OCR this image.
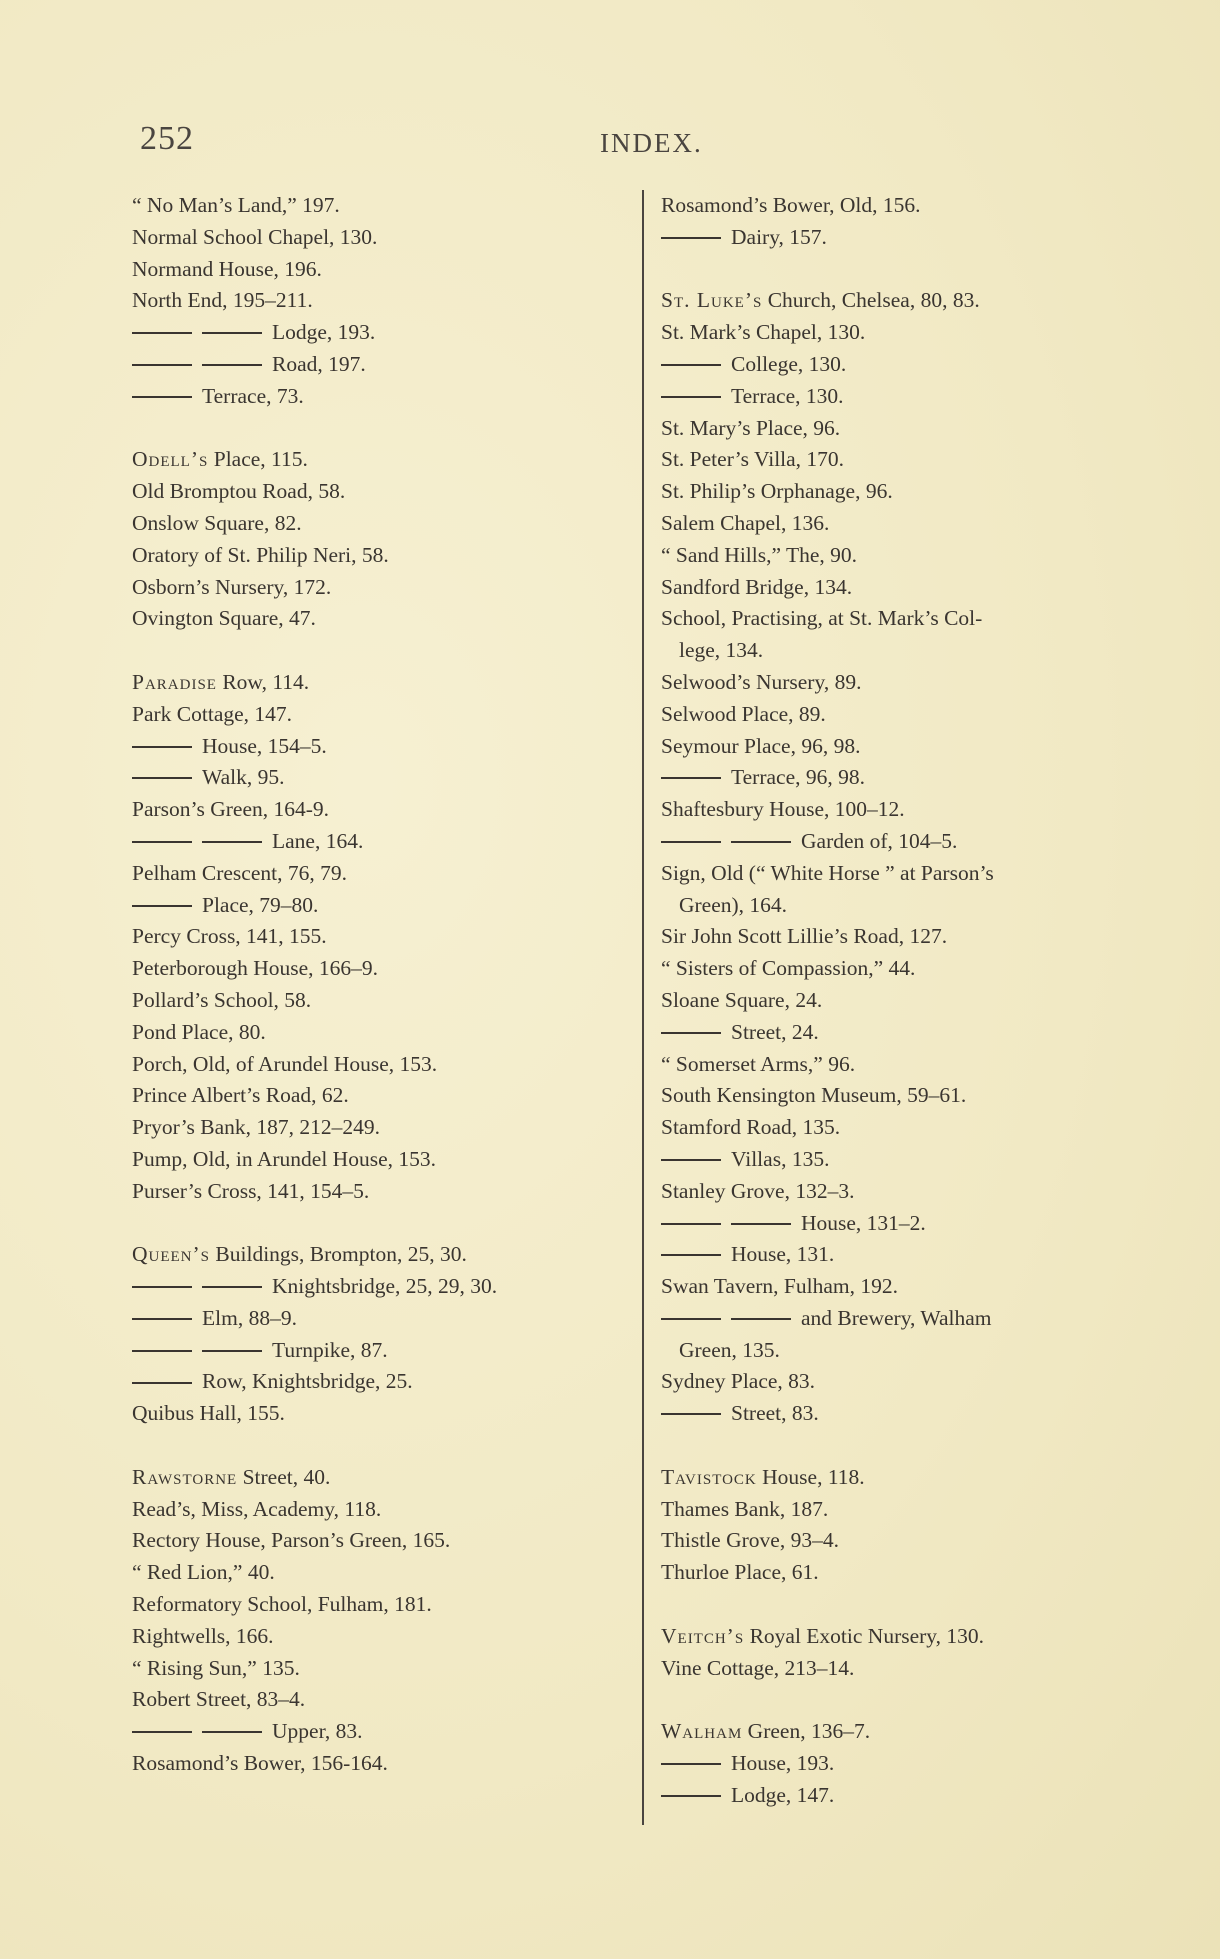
252	INDEX.
“ No Man’s Land,” 197.
Normal School Chapel, 130.
Normand House, 196.
North End, 195–211.
Lodge, 193.
Road, 197.
Terrace, 73.
Odell’s Place, 115.
Old Bromptou Road, 58.
Onslow Square, 82.
Oratory of St. Philip Neri, 58.
Osborn’s Nursery, 172.
Ovington Square, 47.
Paradise Row, 114.
Park Cottage, 147.
House, 154–5.
Walk, 95.
Parson’s Green, 164-9.
Lane, 164.
Pelham Crescent, 76, 79.
Place, 79–80.
Percy Cross, 141, 155.
Peterborough House, 166–9.
Pollard’s School, 58.
Pond Place, 80.
Porch, Old, of Arundel House, 153.
Prince Albert’s Road, 62.
Pryor’s Bank, 187, 212–249.
Pump, Old, in Arundel House, 153.
Purser’s Cross, 141, 154–5.
Queen’s Buildings, Brompton, 25, 30.
Knightsbridge, 25, 29, 30.
Elm, 88–9.
Turnpike, 87.
Row, Knightsbridge, 25.
Quibus Hall, 155.
Rawstorne Street, 40.
Read’s, Miss, Academy, 118.
Rectory House, Parson’s Green, 165.
“ Red Lion,” 40.
Reformatory School, Fulham, 181.
Rightwells, 166.
“ Rising Sun,” 135.
Robert Street, 83–4.
Upper, 83.
Rosamond’s Bower, 156-164.
Rosamond’s Bower, Old, 156.
Dairy, 157.
St. Luke’s Church, Chelsea, 80, 83.
St. Mark’s Chapel, 130.
College, 130.
Terrace, 130.
St. Mary’s Place, 96.
St. Peter’s Villa, 170.
St. Philip’s Orphanage, 96.
Salem Chapel, 136.
“ Sand Hills,” The, 90.
Sandford Bridge, 134.
School, Practising, at St. Mark’s Col-
lege, 134.
Selwood’s Nursery, 89.
Selwood Place, 89.
Seymour Place, 96, 98.
Terrace, 96, 98.
Shaftesbury House, 100–12.
Garden of, 104–5.
Sign, Old (“ White Horse ” at Parson’s
Green), 164.
Sir John Scott Lillie’s Road, 127.
“ Sisters of Compassion,” 44.
Sloane Square, 24.
Street, 24.
“ Somerset Arms,” 96.
South Kensington Museum, 59–61.
Stamford Road, 135.
Villas, 135.
Stanley Grove, 132–3.
House, 131–2.
House, 131.
Swan Tavern, Fulham, 192.
and Brewery, Walham
Green, 135.
Sydney Place, 83.
Street, 83.
Tavistock House, 118.
Thames Bank, 187.
Thistle Grove, 93–4.
Thurloe Place, 61.
Veitch’s Royal Exotic Nursery, 130.
Vine Cottage, 213–14.
Walham Green, 136–7.
House, 193.
Lodge, 147.
